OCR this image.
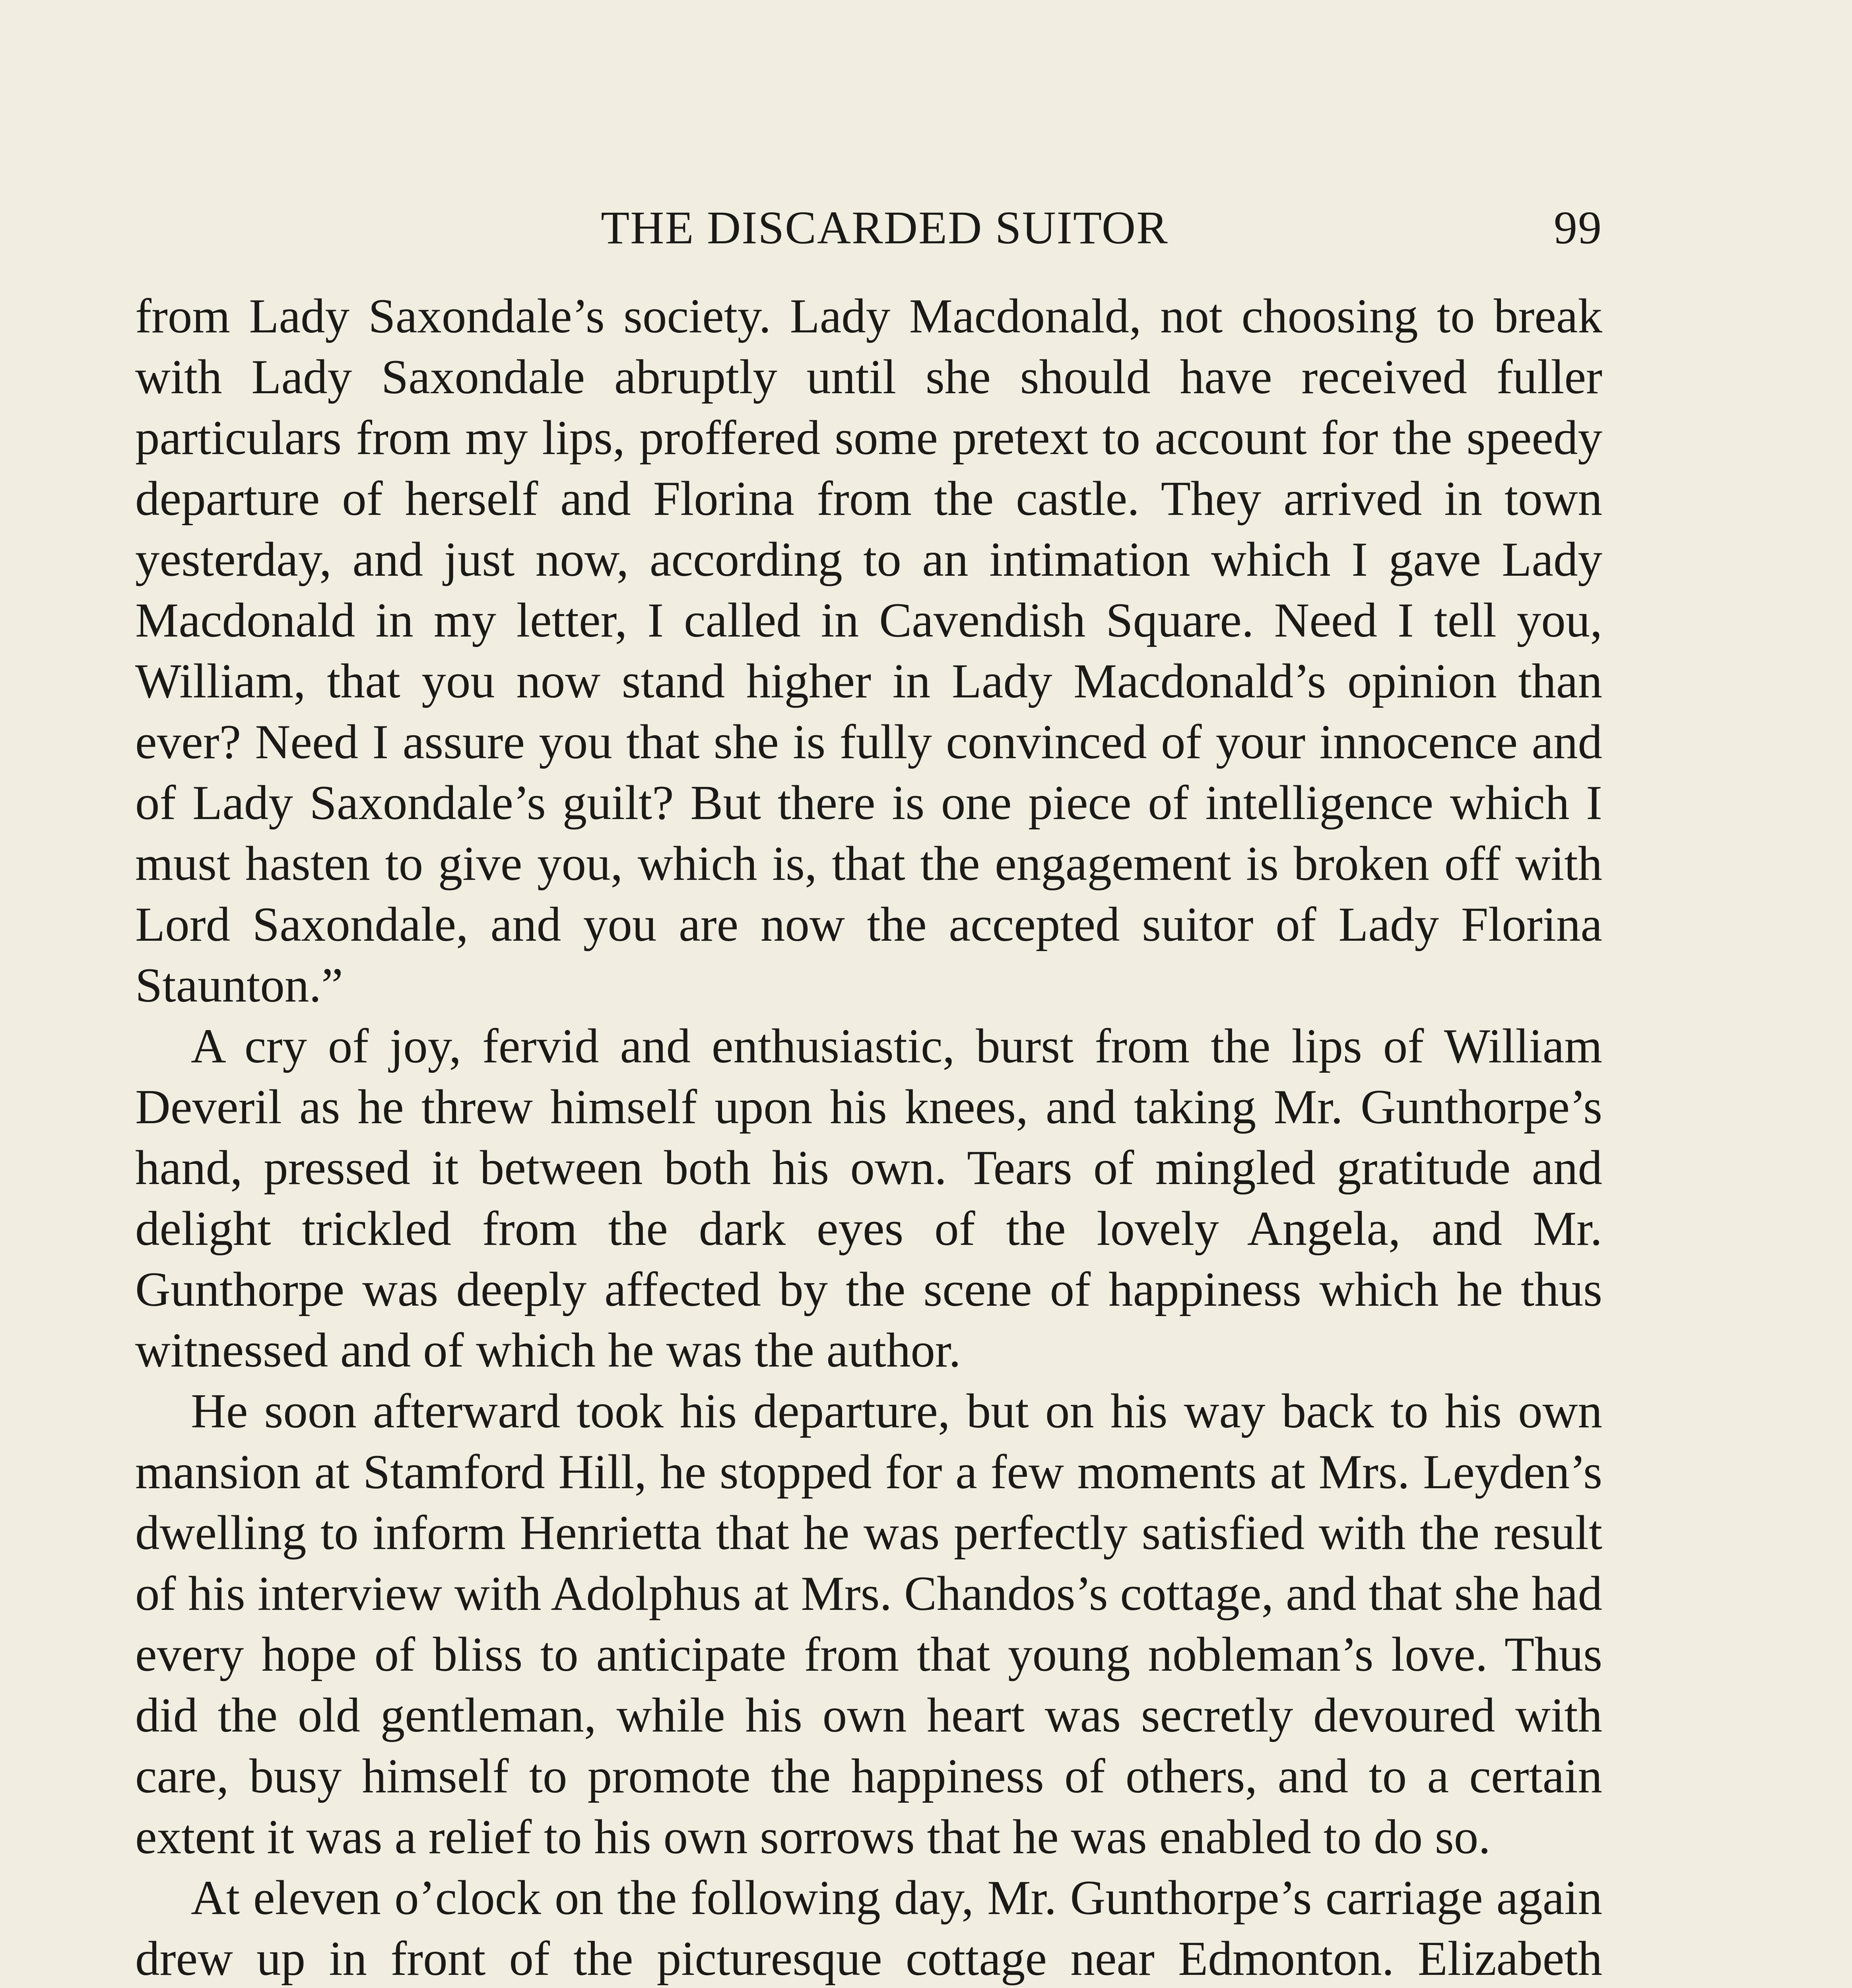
THE DISCARDED SUITOR	99

from Lady Saxondale’s society. Lady Macdonald, not choosing to break with Lady Saxondale abruptly until she should have received fuller particulars from my lips, proffered some pretext to account for the speedy departure of herself and Florina from the castle. They arrived in town yesterday, and just now, according to an intimation which I gave Lady Macdonald in my letter, I called in Cavendish Square. Need I tell you, William, that you now stand higher in Lady Macdonald’s opinion than ever? Need I assure you that she is fully convinced of your innocence and of Lady Saxondale’s guilt? But there is one piece of intelligence which I must hasten to give you, which is, that the engagement is broken off with Lord Saxondale, and you are now the accepted suitor of Lady Florina Staunton.”

A cry of joy, fervid and enthusiastic, burst from the lips of William Deveril as he threw himself upon his knees, and taking Mr. Gunthorpe’s hand, pressed it between both his own. Tears of mingled gratitude and delight trickled from the dark eyes of the lovely Angela, and Mr. Gunthorpe was deeply affected by the scene of happiness which he thus witnessed and of which he was the author.

He soon afterward took his departure, but on his way back to his own mansion at Stamford Hill, he stopped for a few moments at Mrs. Leyden’s dwelling to inform Henrietta that he was perfectly satisfied with the result of his interview with Adolphus at Mrs. Chandos’s cottage, and that she had every hope of bliss to anticipate from that young nobleman’s love. Thus did the old gentleman, while his own heart was secretly devoured with care, busy himself to promote the happiness of others, and to a certain extent it was a relief to his own sorrows that he was enabled to do so.

At eleven o’clock on the following day, Mr. Gunthorpe’s carriage again drew up in front of the picturesque cottage near Edmonton. Elizabeth
